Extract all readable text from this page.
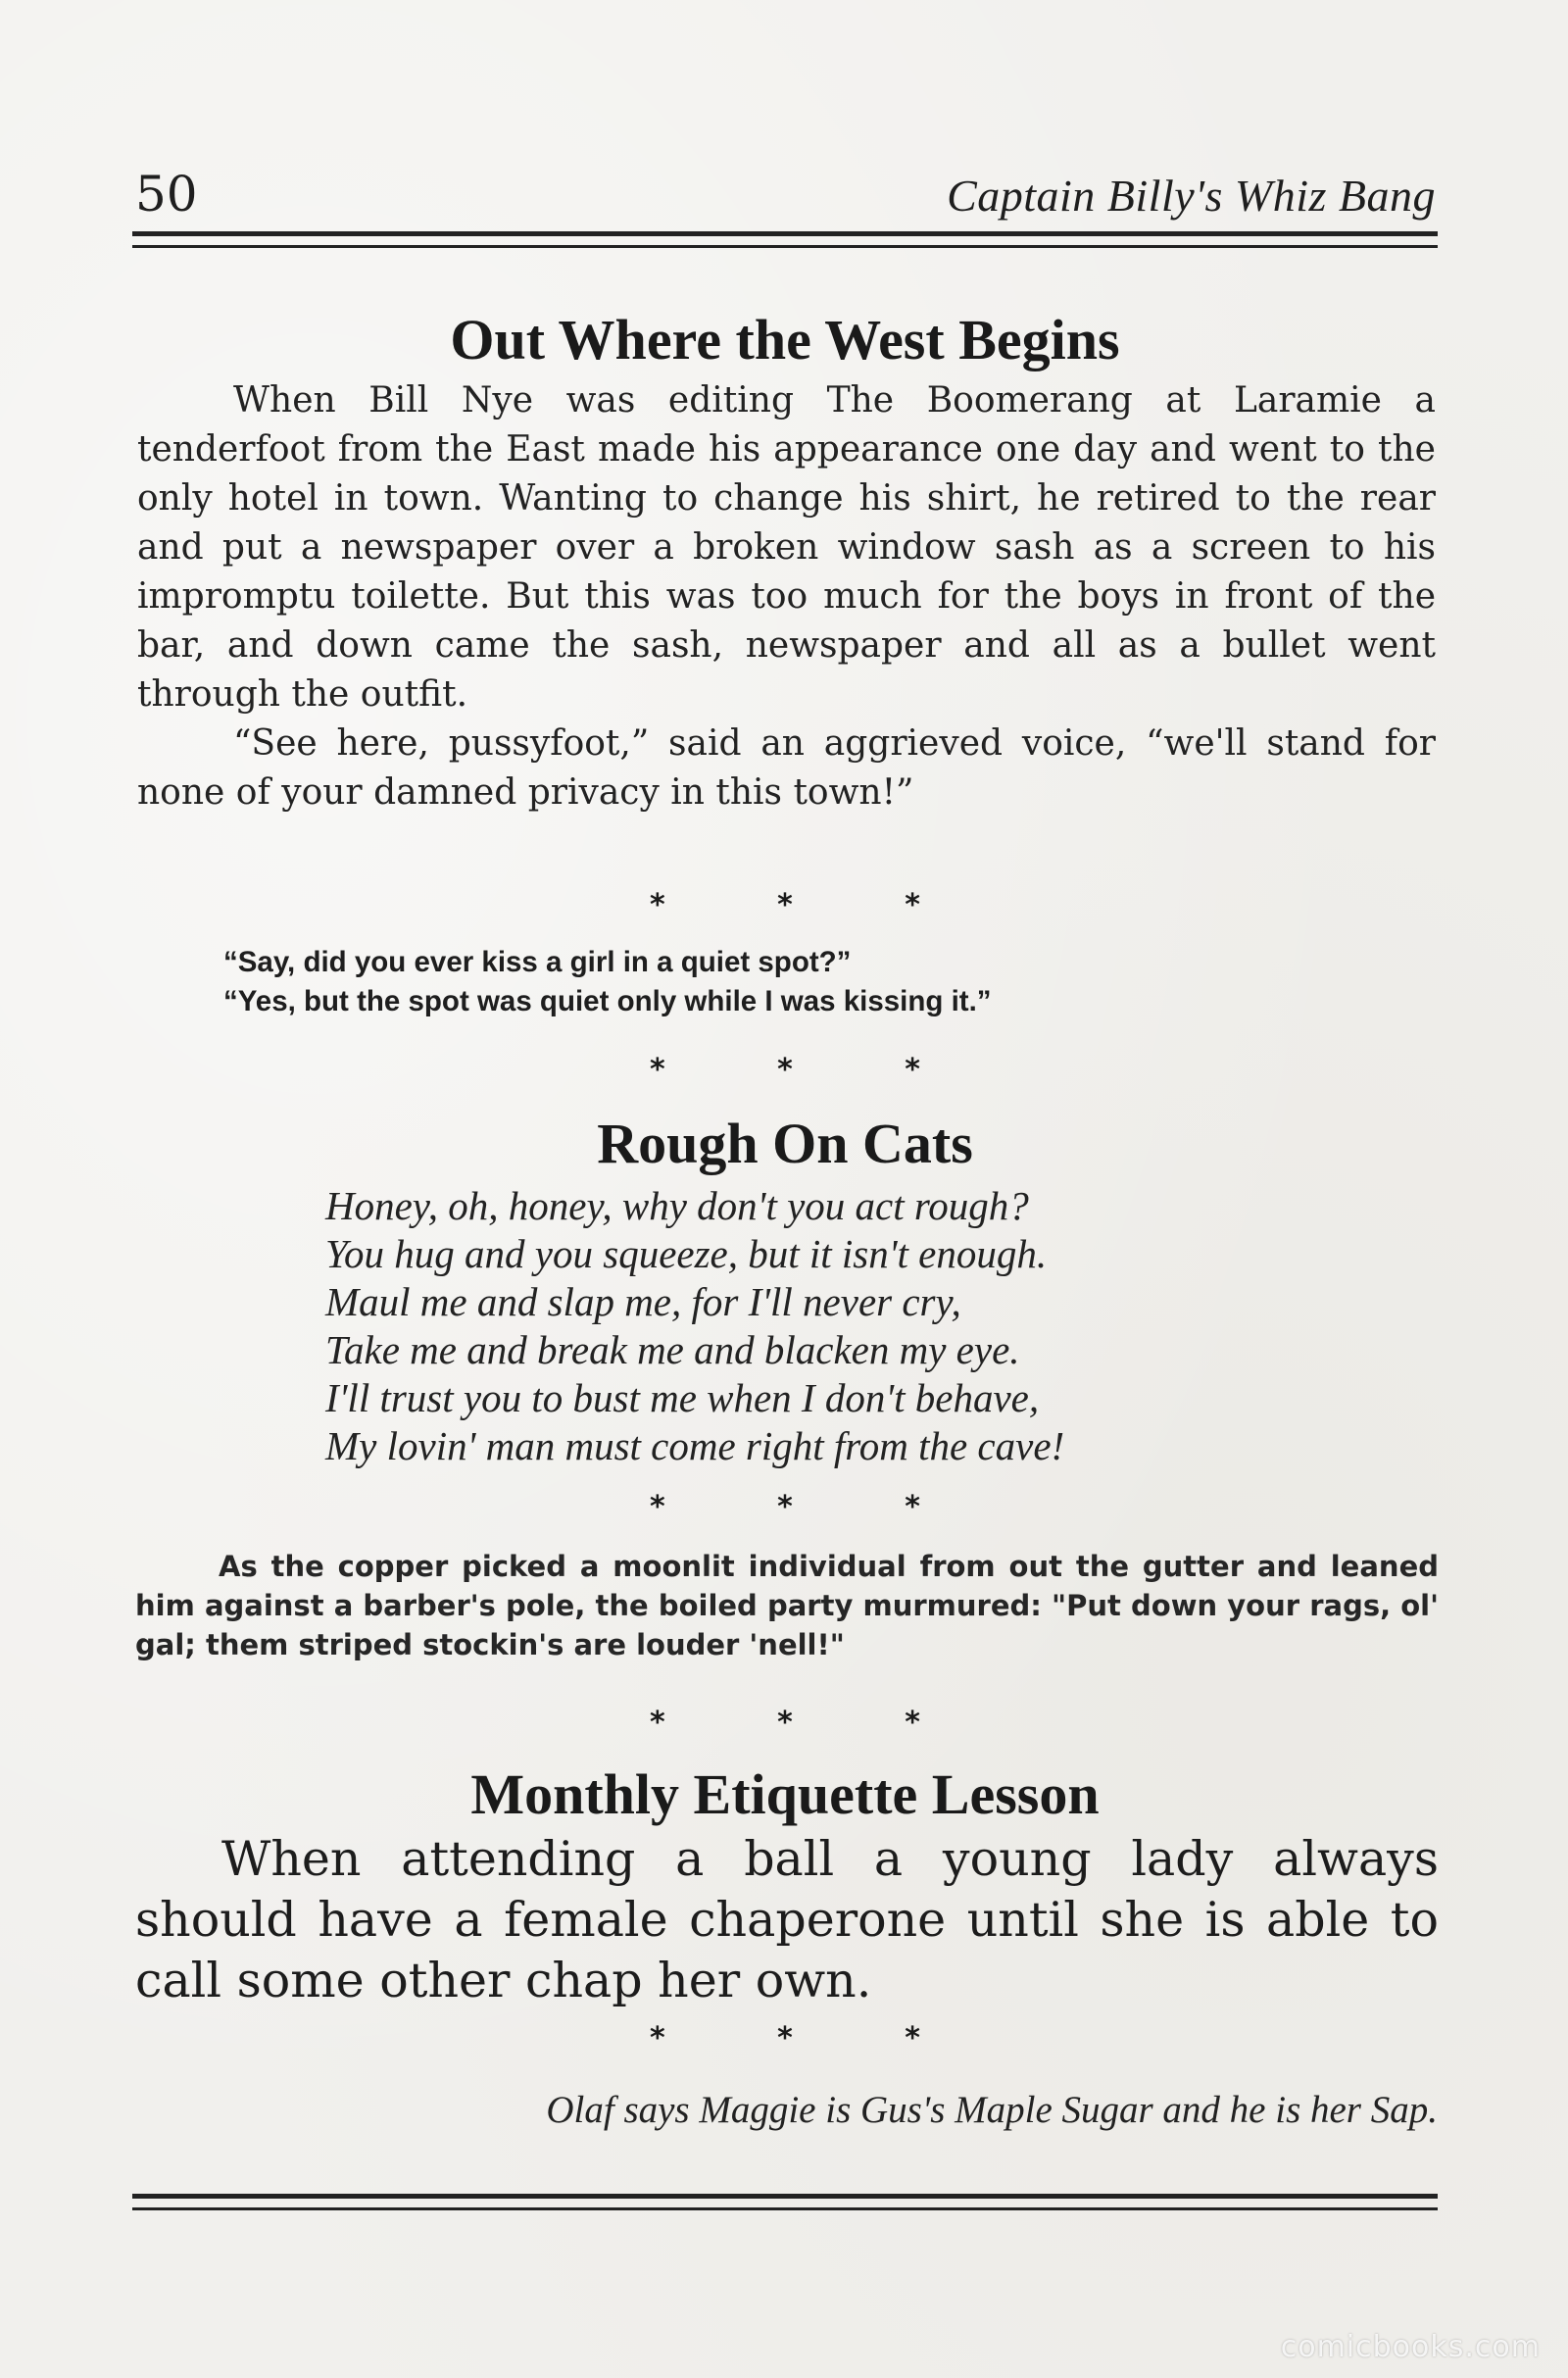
50	Captain Billy's Whiz Bang
Out Where the West Begins

When Bill Nye was editing The Boomerang at Laramie a tenderfoot from the East made his appearance one day and went to the only hotel in town. Wanting to change his shirt, he retired to the rear and put a newspaper over a broken window sash as a screen to his impromptu toilette. But this was too much for the boys in front of the bar, and down came the sash, newspaper and all as a bullet went through the outfit.

“See here, pussyfoot,” said an aggrieved voice, “we'll stand for none of your damned privacy in this town!”

* * *
“Say, did you ever kiss a girl in a quiet spot?”
“Yes, but the spot was quiet only while I was kissing it.”
* * *
Rough On Cats
Honey, oh, honey, why don't you act rough?
You hug and you squeeze, but it isn't enough.
Maul me and slap me, for I'll never cry,
Take me and break me and blacken my eye.
I'll trust you to bust me when I don't behave,
My lovin' man must come right from the cave!
* * *

As the copper picked a moonlit individual from out the gutter and leaned him against a barber's pole, the boiled party murmured: "Put down your rags, ol' gal; them striped stockin's are louder 'nell!"

* * *
Monthly Etiquette Lesson

When attending a ball a young lady always should have a female chaperone until she is able to call some other chap her own.

* * *
Olaf says Maggie is Gus's Maple Sugar and he is her Sap.
comicbooks.com
